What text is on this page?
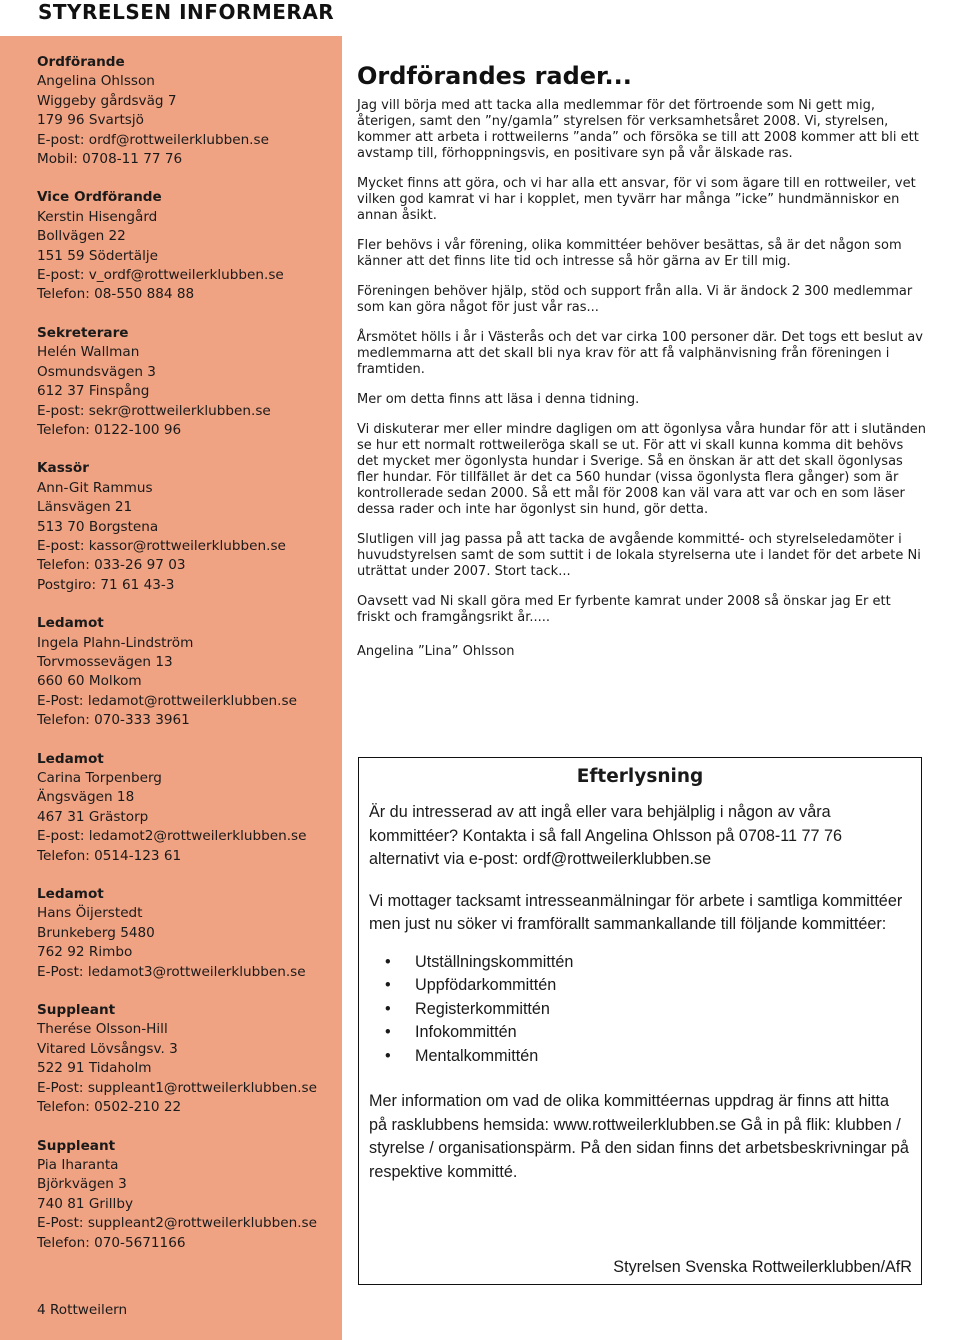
STYRELSEN INFORMERAR
Ordförande
Angelina Ohlsson
Wiggeby gårdsväg 7
179 96 Svartsjö
E-post: ordf@rottweilerklubben.se
Mobil: 0708-11 77 76
Vice Ordförande
Kerstin Hisengård
Bollvägen 22
151 59 Södertälje
E-post: v_ordf@rottweilerklubben.se
Telefon: 08-550 884 88
Sekreterare
Helén Wallman
Osmundsvägen 3
612 37 Finspång
E-post: sekr@rottweilerklubben.se
Telefon: 0122-100 96
Kassör
Ann-Git Rammus
Länsvägen 21
513 70 Borgstena
E-post: kassor@rottweilerklubben.se
Telefon: 033-26 97 03
Postgiro: 71 61 43-3
Ledamot
Ingela Plahn-Lindström
Torvmossevägen 13
660 60 Molkom
E-Post: ledamot@rottweilerklubben.se
Telefon: 070-333 3961
Ledamot
Carina Torpenberg
Ängsvägen 18
467 31 Grästorp
E-post: ledamot2@rottweilerklubben.se
Telefon: 0514-123 61
Ledamot
Hans Öijerstedt
Brunkeberg 5480
762 92 Rimbo
E-Post: ledamot3@rottweilerklubben.se
Suppleant
Therése Olsson-Hill
Vitared Lövsångsv. 3
522 91 Tidaholm
E-Post: suppleant1@rottweilerklubben.se
Telefon: 0502-210 22
Suppleant
Pia Iharanta
Björkvägen 3
740 81 Grillby
E-Post: suppleant2@rottweilerklubben.se
Telefon: 070-5671166
4 Rottweilern
Ordförandes rader...

Jag vill börja med att tacka alla medlemmar för det förtroende som Ni gett mig, återigen, samt den ”ny/gamla” styrelsen för verksamhetsåret 2008. Vi, styrelsen, kommer att arbeta i rottweilerns ”anda” och försöka se till att 2008 kommer att bli ett avstamp till, förhoppningsvis, en positivare syn på vår älskade ras.

Mycket finns att göra, och vi har alla ett ansvar, för vi som ägare till en rottweiler, vet vilken god kamrat vi har i kopplet, men tyvärr har många ”icke” hundmänniskor en annan åsikt.

Fler behövs i vår förening, olika kommittéer behöver besättas, så är det någon som känner att det finns lite tid och intresse så hör gärna av Er till mig.

Föreningen behöver hjälp, stöd och support från alla. Vi är ändock 2 300 medlemmar som kan göra något för just vår ras...

Årsmötet hölls i år i Västerås och det var cirka 100 personer där. Det togs ett beslut av medlemmarna att det skall bli nya krav för att få valphänvisning från föreningen i framtiden.

Mer om detta finns att läsa i denna tidning.

Vi diskuterar mer eller mindre dagligen om att ögonlysa våra hundar för att i slutänden se hur ett normalt rottweileröga skall se ut. För att vi skall kunna komma dit behövs det mycket mer ögonlysta hundar i Sverige. Så en önskan är att det skall ögonlysas fler hundar. För tillfället är det ca 560 hundar (vissa ögonlysta flera gånger) som är kontrollerade sedan 2000. Så ett mål för 2008 kan väl vara att var och en som läser dessa rader och inte har ögonlyst sin hund, gör detta.

Slutligen vill jag passa på att tacka de avgående kommitté- och styrelseledamöter i huvudstyrelsen samt de som suttit i de lokala styrelserna ute i landet för det arbete Ni uträttat under 2007. Stort tack...

Oavsett vad Ni skall göra med Er fyrbente kamrat under 2008 så önskar jag Er ett friskt och framgångsrikt år.....

Angelina ”Lina” Ohlsson
Efterlysning

Är du intresserad av att ingå eller vara behjälplig i någon av våra kommittéer? Kontakta i så fall Angelina Ohlsson på 0708-11 77 76 alternativt via e-post: ordf@rottweilerklubben.se

Vi mottager tacksamt intresseanmälningar för arbete i samtliga kommittéer men just nu söker vi framförallt sammankallande till följande kommittéer:

• Utställningskommittén
• Uppfödarkommittén
• Registerkommittén
• Infokommittén
• Mentalkommittén

Mer information om vad de olika kommittéernas uppdrag är finns att hitta på rasklubbens hemsida: www.rottweilerklubben.se Gå in på flik: klubben / styrelse / organisationspärm. På den sidan finns det arbetsbeskrivningar på respektive kommitté.

Styrelsen Svenska Rottweilerklubben/AfR
